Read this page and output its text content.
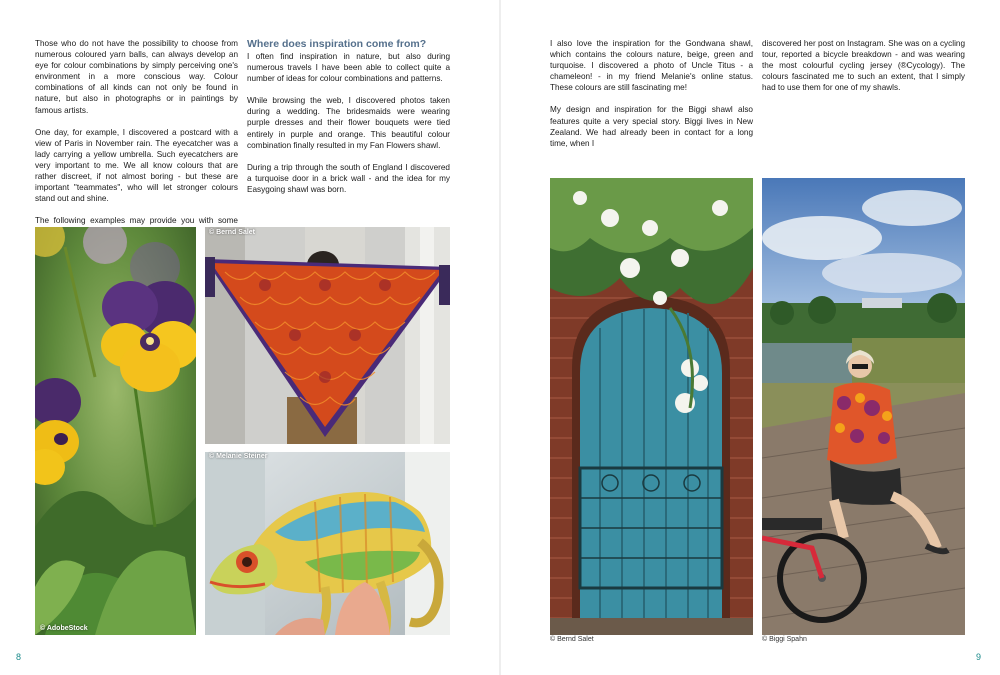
Those who do not have the possibility to choose from numerous coloured yarn balls, can always develop an eye for colour combinations by simply perceiving one's environment in a more conscious way. Colour combinations of all kinds can not only be found in nature, but also in photographs or in paintings by famous artists.

One day, for example, I discovered a postcard with a view of Paris in November rain. The eyecatcher was a lady carrying a yellow umbrella. Such eyecatchers are very important to me. We all know colours that are rather discreet, if not almost boring - but these are important "teammates", who will let stronger colours stand out and shine.

The following examples may provide you with some

Where does inspiration come from?

I often find inspiration in nature, but also during numerous travels I have been able to collect quite a number of ideas for colour combinations and patterns.

While browsing the web, I discovered photos taken during a wedding. The bridesmaids were wearing purple dresses and their flower bouquets were tied entirely in purple and orange. This beautiful colour combination finally resulted in my Fan Flowers shawl.

During a trip through the south of England I discovered a turquoise door in a brick wall - and the idea for my Easygoing shawl was born.

© AdobeStock
© Bernd Salet
© Melanie Steiner
8

I also love the inspiration for the Gondwana shawl, which contains the colours nature, beige, green and turquoise. I discovered a photo of Uncle Titus - a chameleon! - in my friend Melanie's online status. These colours are still fascinating me!

My design and inspiration for the Biggi shawl also features quite a very special story. Biggi lives in New Zealand. We had already been in contact for a long time, when I

discovered her post on Instagram. She was on a cycling tour, reported a bicycle breakdown - and was wearing the most colourful cycling jersey (®Cycology). The colours fascinated me to such an extent, that I simply had to use them for one of my shawls.

© Bernd Salet	© Biggi Spahn
9
